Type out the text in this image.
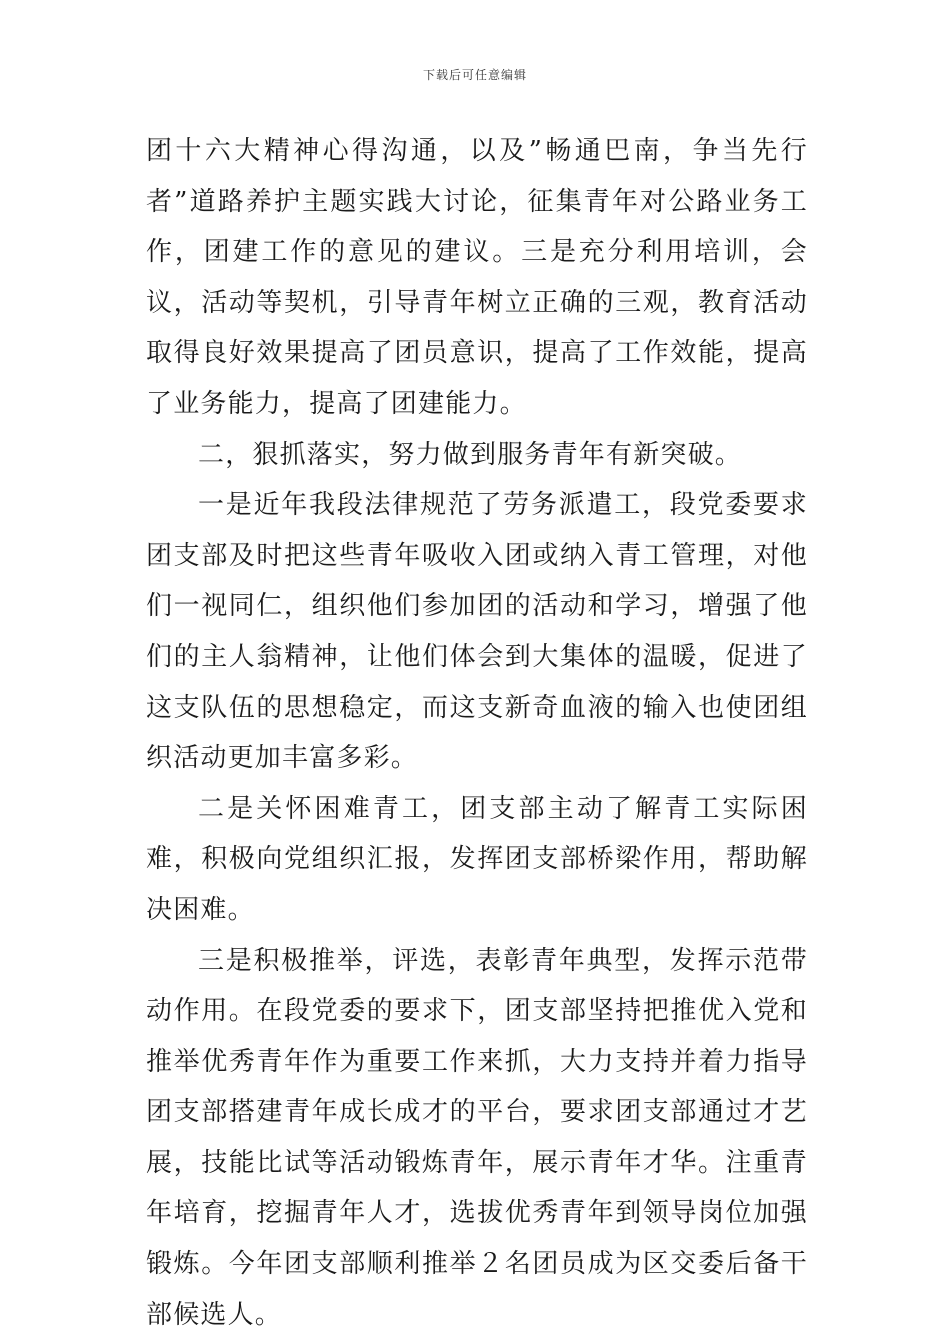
下载后可任意编辑

团十六大精神心得沟通，以及”畅通巴南，争当先行者”道路养护主题实践大讨论，征集青年对公路业务工作，团建工作的意见的建议。三是充分利用培训，会议，活动等契机，引导青年树立正确的三观，教育活动取得良好效果提高了团员意识，提高了工作效能，提高了业务能力，提高了团建能力。

二，狠抓落实，努力做到服务青年有新突破。

一是近年我段法律规范了劳务派遣工，段党委要求团支部及时把这些青年吸收入团或纳入青工管理，对他们一视同仁，组织他们参加团的活动和学习，增强了他们的主人翁精神，让他们体会到大集体的温暖，促进了这支队伍的思想稳定，而这支新奇血液的输入也使团组织活动更加丰富多彩。

二是关怀困难青工，团支部主动了解青工实际困难，积极向党组织汇报，发挥团支部桥梁作用，帮助解决困难。

三是积极推举，评选，表彰青年典型，发挥示范带动作用。在段党委的要求下，团支部坚持把推优入党和推举优秀青年作为重要工作来抓，大力支持并着力指导团支部搭建青年成长成才的平台，要求团支部通过才艺展，技能比试等活动锻炼青年，展示青年才华。注重青年培育，挖掘青年人才，选拔优秀青年到领导岗位加强锻炼。今年团支部顺利推举２名团员成为区交委后备干部候选人。
